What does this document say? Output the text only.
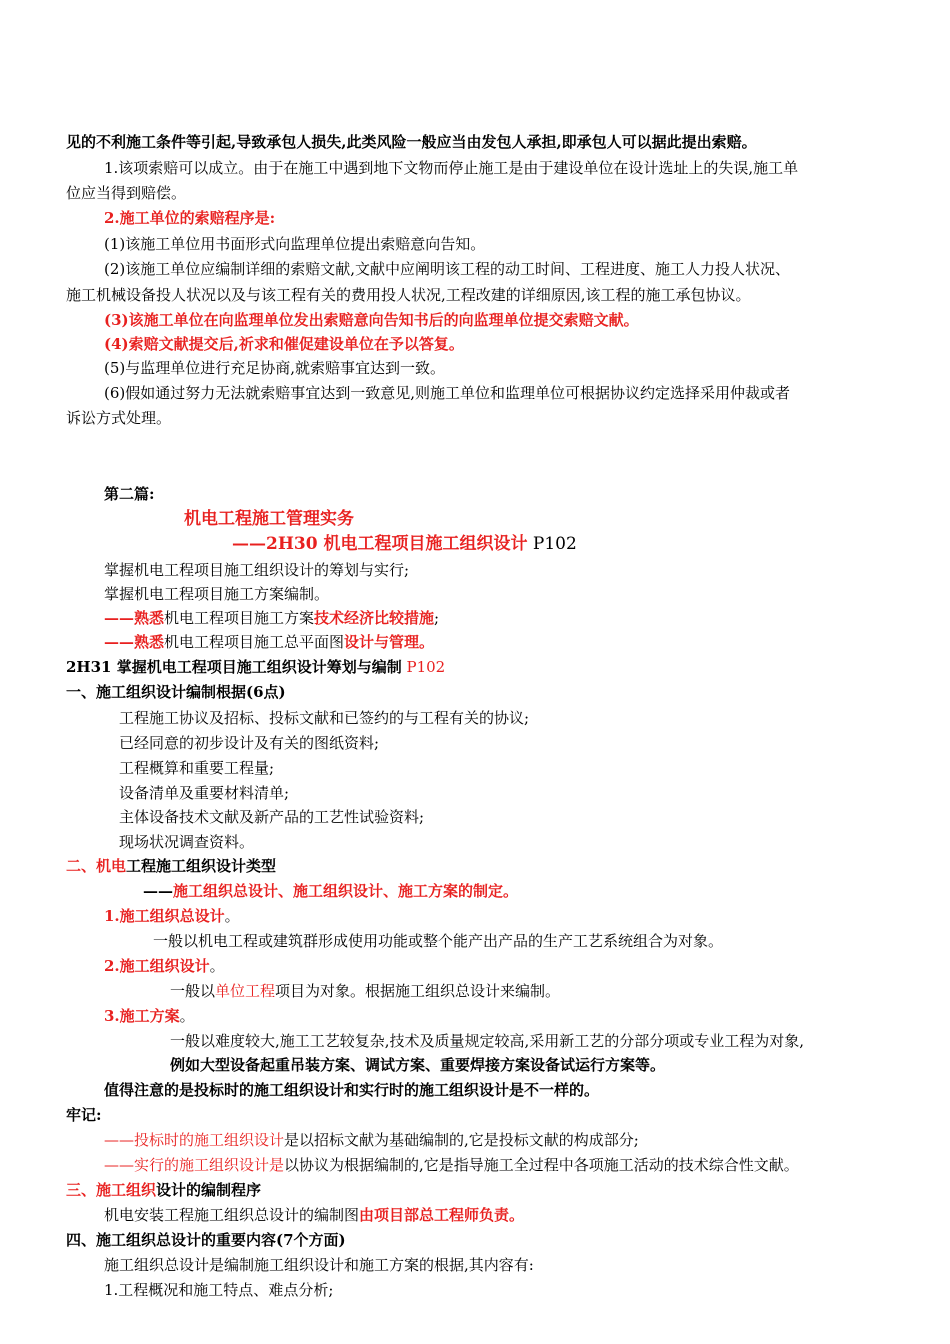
见的不利施工条件等引起,导致承包人损失,此类风险一般应当由发包人承担,即承包人可以据此提出索赔。
1.该项索赔可以成立。由于在施工中遇到地下文物而停止施工是由于建设单位在设计选址上的失误,施工单
位应当得到赔偿。
2.施工单位的索赔程序是:
(1)该施工单位用书面形式向监理单位提出索赔意向告知。
(2)该施工单位应编制详细的索赔文献,文献中应阐明该工程的动工时间、工程进度、施工人力投人状况、
施工机械设备投人状况以及与该工程有关的费用投人状况,工程改建的详细原因,该工程的施工承包协议。
(3)该施工单位在向监理单位发出索赔意向告知书后的向监理单位提交索赔文献。
(4)索赔文献提交后,祈求和催促建设单位在予以答复。
(5)与监理单位进行充足协商,就索赔事宜达到一致。
(6)假如通过努力无法就索赔事宜达到一致意见,则施工单位和监理单位可根据协议约定选择采用仲裁或者
诉讼方式处理。
第二篇:
机电工程施工管理实务
——2H30 机电工程项目施工组织设计 P102
掌握机电工程项目施工组织设计的筹划与实行;
掌握机电工程项目施工方案编制。
——熟悉机电工程项目施工方案技术经济比较措施;
——熟悉机电工程项目施工总平面图设计与管理。
2H31 掌握机电工程项目施工组织设计筹划与编制 P102
一、施工组织设计编制根据(6点)
工程施工协议及招标、投标文献和已签约的与工程有关的协议;
已经同意的初步设计及有关的图纸资料;
工程概算和重要工程量;
设备清单及重要材料清单;
主体设备技术文献及新产品的工艺性试验资料;
现场状况调查资料。
二、机电工程施工组织设计类型
——施工组织总设计、施工组织设计、施工方案的制定。
1.施工组织总设计。
一般以机电工程或建筑群形成使用功能或整个能产出产品的生产工艺系统组合为对象。
2.施工组织设计。
一般以单位工程项目为对象。根据施工组织总设计来编制。
3.施工方案。
一般以难度较大,施工工艺较复杂,技术及质量规定较高,采用新工艺的分部分项或专业工程为对象,
例如大型设备起重吊装方案、调试方案、重要焊接方案设备试运行方案等。
值得注意的是投标时的施工组织设计和实行时的施工组织设计是不一样的。
牢记:
——投标时的施工组织设计是以招标文献为基础编制的,它是投标文献的构成部分;
——实行的施工组织设计是以协议为根据编制的,它是指导施工全过程中各项施工活动的技术综合性文献。
三、施工组织设计的编制程序
机电安装工程施工组织总设计的编制图由项目部总工程师负责。
四、施工组织总设计的重要内容(7个方面)
施工组织总设计是编制施工组织设计和施工方案的根据,其内容有:
1.工程概况和施工特点、难点分析;
